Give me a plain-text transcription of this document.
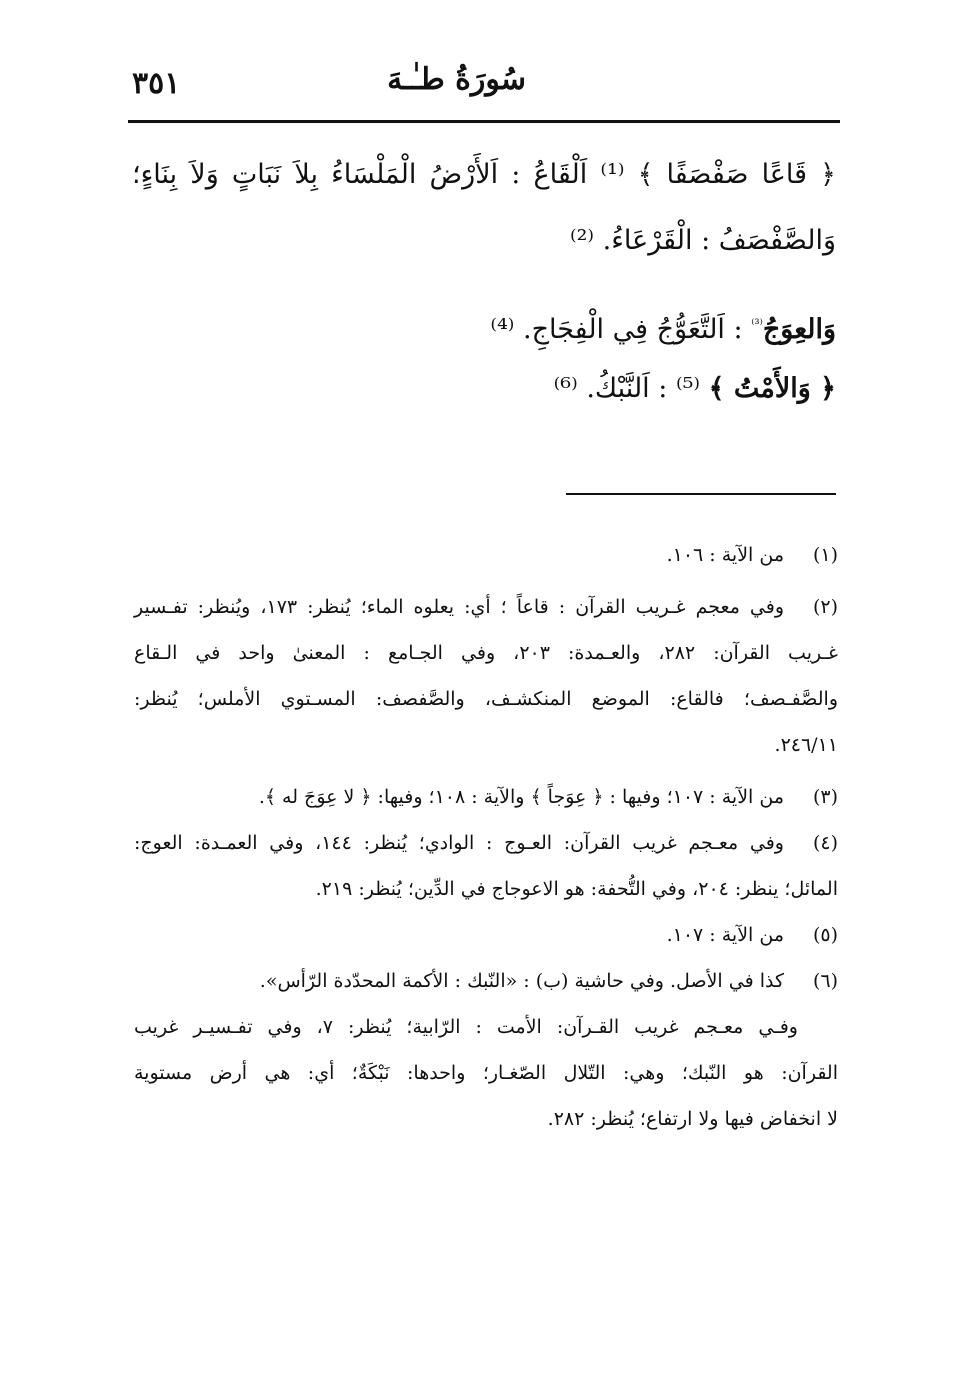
٣٥١	سُورَةُ طـٰـهَ
﴿ قَاعًا صَفْصَفًا ﴾ ⁽¹⁾ اَلْقَاعُ : اَلأَرْضُ الْمَلْسَاءُ بِلاَ نَبَاتٍ وَلاَ بِنَاءٍ؛
وَالصَّفْصَفُ : الْقَرْعَاءُ. ⁽²⁾
وَالعِوَجُ$^{^{(3)}}$ : اَلتَّعَوُّجُ فِي الْفِجَاجِ. ⁽⁴⁾
﴿ وَالأَمْتُ ﴾ ⁽⁵⁾ : اَلنَّبْكُ. ⁽⁶⁾
(١)
من الآية : ١٠٦.
(٢)
وفي معجم غـريب القرآن : قاعاً ؛ أي: يعلوه الماء؛ يُنظر: ١٧٣، ويُنظر: تفـسير
غـريب القرآن: ٢٨٢، والعـمدة: ٢٠٣، وفي الجـامع : المعنىٰ واحد في الـقاع
والصَّفـصف؛ فالقاع: الموضع المنكشـف، والصَّفصف: المسـتوي الأملس؛ يُنظر:
٢٤٦/١١.
(٣)
من الآية : ١٠٧؛ وفيها : ﴿ عِوَجاً ﴾ والآية : ١٠٨؛ وفيها: ﴿ لا عِوَجَ له ﴾.
(٤)
وفي معـجم غريب القرآن: العـوج : الوادي؛ يُنظر: ١٤٤، وفي العمـدة: العوج:
المائل؛ ينظر: ٢٠٤، وفي التُّحفة: هو الاعوجاج في الدِّين؛ يُنظر: ٢١٩.
(٥)
من الآية : ١٠٧.
(٦)
كذا في الأصل. وفي حاشية (ب) : «النّبك : الأكمة المحدّدة الرّأس».
وفـي معـجم غريب القـرآن: الأمت : الرّابية؛ يُنظر: ٧، وفي تفـسيـر غريب
القرآن: هو النّبك؛ وهي: التّلال الصّغـار؛ واحدها: نَبْكَةٌ؛ أي: هي أرض مستوية
لا انخفاض فيها ولا ارتفاع؛ يُنظر: ٢٨٢.
